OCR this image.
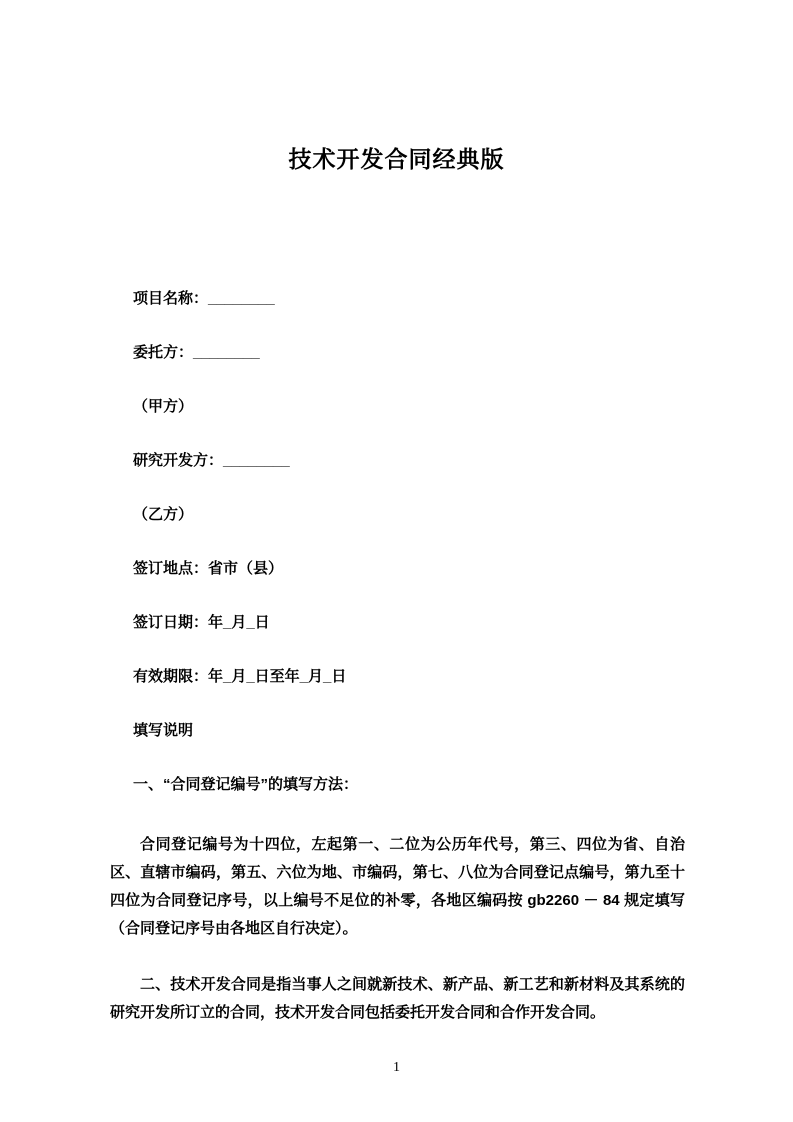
技术开发合同经典版

项目名称：________

委托方：________

（甲方）

研究开发方：________

（乙方）

签订地点：省市（县）

签订日期：年_月_日

有效期限：年_月_日至年_月_日

填写说明

一、“合同登记编号”的填写方法：

合同登记编号为十四位，左起第一、二位为公历年代号，第三、四位为省、自治区、直辖市编码，第五、六位为地、市编码，第七、八位为合同登记点编号，第九至十四位为合同登记序号，以上编号不足位的补零，各地区编码按 gb2260 － 84 规定填写（合同登记序号由各地区自行决定）。

二、技术开发合同是指当事人之间就新技术、新产品、新工艺和新材料及其系统的研究开发所订立的合同，技术开发合同包括委托开发合同和合作开发合同。

1
